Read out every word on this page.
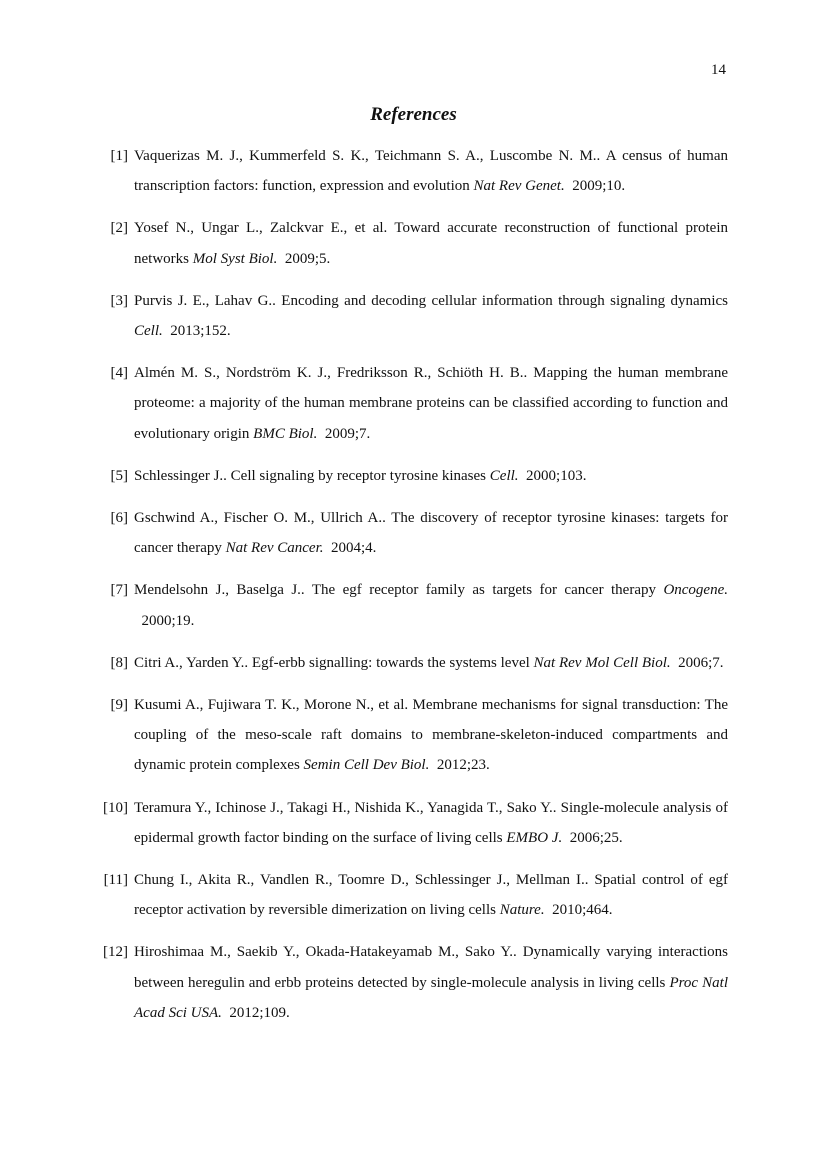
14
References
[1] Vaquerizas M. J., Kummerfeld S. K., Teichmann S. A., Luscombe N. M.. A census of human transcription factors: function, expression and evolution Nat Rev Genet.  2009;10.
[2] Yosef N., Ungar L., Zalckvar E., et al. Toward accurate reconstruction of functional protein networks Mol Syst Biol.  2009;5.
[3] Purvis J. E., Lahav G.. Encoding and decoding cellular information through signaling dynamics Cell.  2013;152.
[4] Almén M. S., Nordström K. J., Fredriksson R., Schiöth H. B.. Mapping the human membrane proteome: a majority of the human membrane proteins can be classified according to function and evolutionary origin BMC Biol.  2009;7.
[5] Schlessinger J.. Cell signaling by receptor tyrosine kinases Cell.  2000;103.
[6] Gschwind A., Fischer O. M., Ullrich A.. The discovery of receptor tyrosine kinases: targets for cancer therapy Nat Rev Cancer.  2004;4.
[7] Mendelsohn J., Baselga J.. The egf receptor family as targets for cancer therapy Oncogene.  2000;19.
[8] Citri A., Yarden Y.. Egf-erbb signalling: towards the systems level Nat Rev Mol Cell Biol.  2006;7.
[9] Kusumi A., Fujiwara T. K., Morone N., et al. Membrane mechanisms for signal transduction: The coupling of the meso-scale raft domains to membrane-skeleton-induced compartments and dynamic protein complexes Semin Cell Dev Biol.  2012;23.
[10] Teramura Y., Ichinose J., Takagi H., Nishida K., Yanagida T., Sako Y.. Single-molecule analysis of epidermal growth factor binding on the surface of living cells EMBO J.  2006;25.
[11] Chung I., Akita R., Vandlen R., Toomre D., Schlessinger J., Mellman I.. Spatial control of egf receptor activation by reversible dimerization on living cells Nature.  2010;464.
[12] Hiroshimaa M., Saekib Y., Okada-Hatakeyamab M., Sako Y.. Dynamically varying interactions between heregulin and erbb proteins detected by single-molecule analysis in living cells Proc Natl Acad Sci USA.  2012;109.
